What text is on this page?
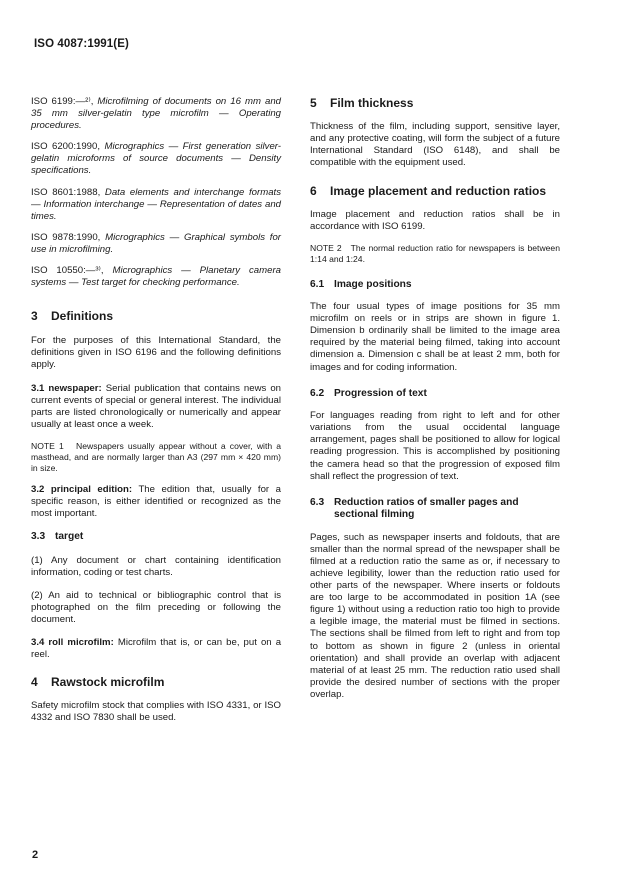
ISO 4087:1991(E)

ISO 6199:—²⁾, Microfilming of documents on 16 mm and 35 mm silver-gelatin type microfilm — Operating procedures.

ISO 6200:1990, Micrographics — First generation silver-gelatin microforms of source documents — Density specifications.

ISO 8601:1988, Data elements and interchange formats — Information interchange — Representation of dates and times.

ISO 9878:1990, Micrographics — Graphical symbols for use in microfilming.

ISO 10550:—³⁾, Micrographics — Planetary camera systems — Test target for checking performance.

3 Definitions

For the purposes of this International Standard, the definitions given in ISO 6196 and the following definitions apply.

3.1 newspaper: Serial publication that contains news on current events of special or general interest. The individual parts are listed chronologically or numerically and appear usually at least once a week.

NOTE 1 Newspapers usually appear without a cover, with a masthead, and are normally larger than A3 (297 mm × 420 mm) in size.

3.2 principal edition: The edition that, usually for a specific reason, is either identified or recognized as the most important.

3.3 target

(1) Any document or chart containing identification information, coding or test charts.

(2) An aid to technical or bibliographic control that is photographed on the film preceding or following the document.

3.4 roll microfilm: Microfilm that is, or can be, put on a reel.

4 Rawstock microfilm

Safety microfilm stock that complies with ISO 4331, or ISO 4332 and ISO 7830 shall be used.

5 Film thickness

Thickness of the film, including support, sensitive layer, and any protective coating, will form the subject of a future International Standard (ISO 6148), and shall be compatible with the equipment used.

6 Image placement and reduction ratios

Image placement and reduction ratios shall be in accordance with ISO 6199.

NOTE 2 The normal reduction ratio for newspapers is between 1:14 and 1:24.

6.1 Image positions

The four usual types of image positions for 35 mm microfilm on reels or in strips are shown in figure 1. Dimension b ordinarily shall be limited to the image area required by the material being filmed, taking into account dimension a. Dimension c shall be at least 2 mm, both for images and for coding information.

6.2 Progression of text

For languages reading from right to left and for other variations from the usual occidental language arrangement, pages shall be positioned to allow for logical reading progression. This is accomplished by positioning the camera head so that the progression of exposed film shall reflect the progression of text.

6.3 Reduction ratios of smaller pages and sectional filming

Pages, such as newspaper inserts and foldouts, that are smaller than the normal spread of the newspaper shall be filmed at a reduction ratio the same as or, if necessary to achieve legibility, lower than the reduction ratio used for other parts of the newspaper. Where inserts or foldouts are too large to be accommodated in position 1A (see figure 1) without using a reduction ratio too high to provide a legible image, the material must be filmed in sections. The sections shall be filmed from left to right and from top to bottom as shown in figure 2 (unless in oriental orientation) and shall provide an overlap with adjacent material of at least 25 mm. The reduction ratio used shall provide the desired number of sections with the proper overlap.

2
